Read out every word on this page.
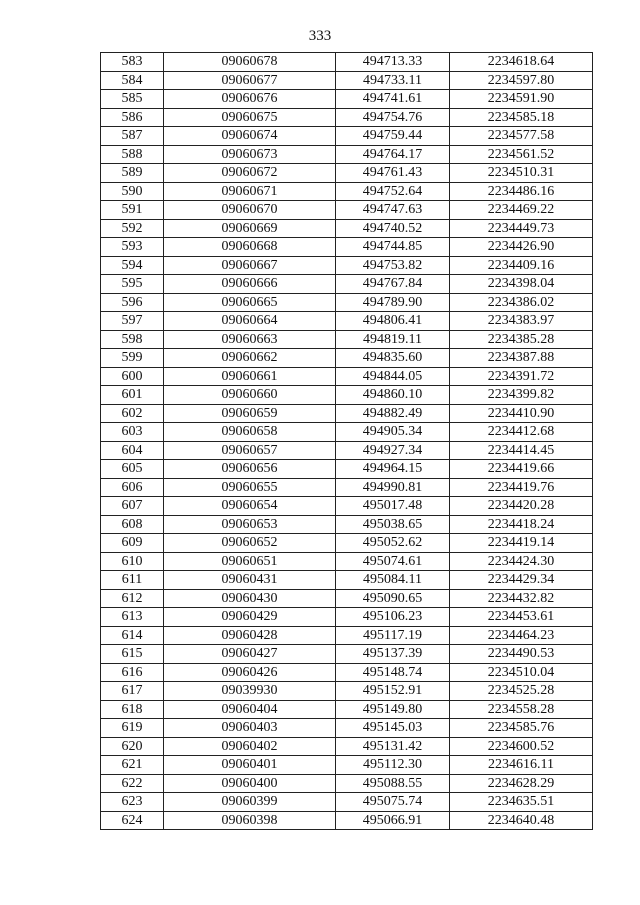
333
583	09060678	494713.33	2234618.64
584	09060677	494733.11	2234597.80
585	09060676	494741.61	2234591.90
586	09060675	494754.76	2234585.18
587	09060674	494759.44	2234577.58
588	09060673	494764.17	2234561.52
589	09060672	494761.43	2234510.31
590	09060671	494752.64	2234486.16
591	09060670	494747.63	2234469.22
592	09060669	494740.52	2234449.73
593	09060668	494744.85	2234426.90
594	09060667	494753.82	2234409.16
595	09060666	494767.84	2234398.04
596	09060665	494789.90	2234386.02
597	09060664	494806.41	2234383.97
598	09060663	494819.11	2234385.28
599	09060662	494835.60	2234387.88
600	09060661	494844.05	2234391.72
601	09060660	494860.10	2234399.82
602	09060659	494882.49	2234410.90
603	09060658	494905.34	2234412.68
604	09060657	494927.34	2234414.45
605	09060656	494964.15	2234419.66
606	09060655	494990.81	2234419.76
607	09060654	495017.48	2234420.28
608	09060653	495038.65	2234418.24
609	09060652	495052.62	2234419.14
610	09060651	495074.61	2234424.30
611	09060431	495084.11	2234429.34
612	09060430	495090.65	2234432.82
613	09060429	495106.23	2234453.61
614	09060428	495117.19	2234464.23
615	09060427	495137.39	2234490.53
616	09060426	495148.74	2234510.04
617	09039930	495152.91	2234525.28
618	09060404	495149.80	2234558.28
619	09060403	495145.03	2234585.76
620	09060402	495131.42	2234600.52
621	09060401	495112.30	2234616.11
622	09060400	495088.55	2234628.29
623	09060399	495075.74	2234635.51
624	09060398	495066.91	2234640.48
